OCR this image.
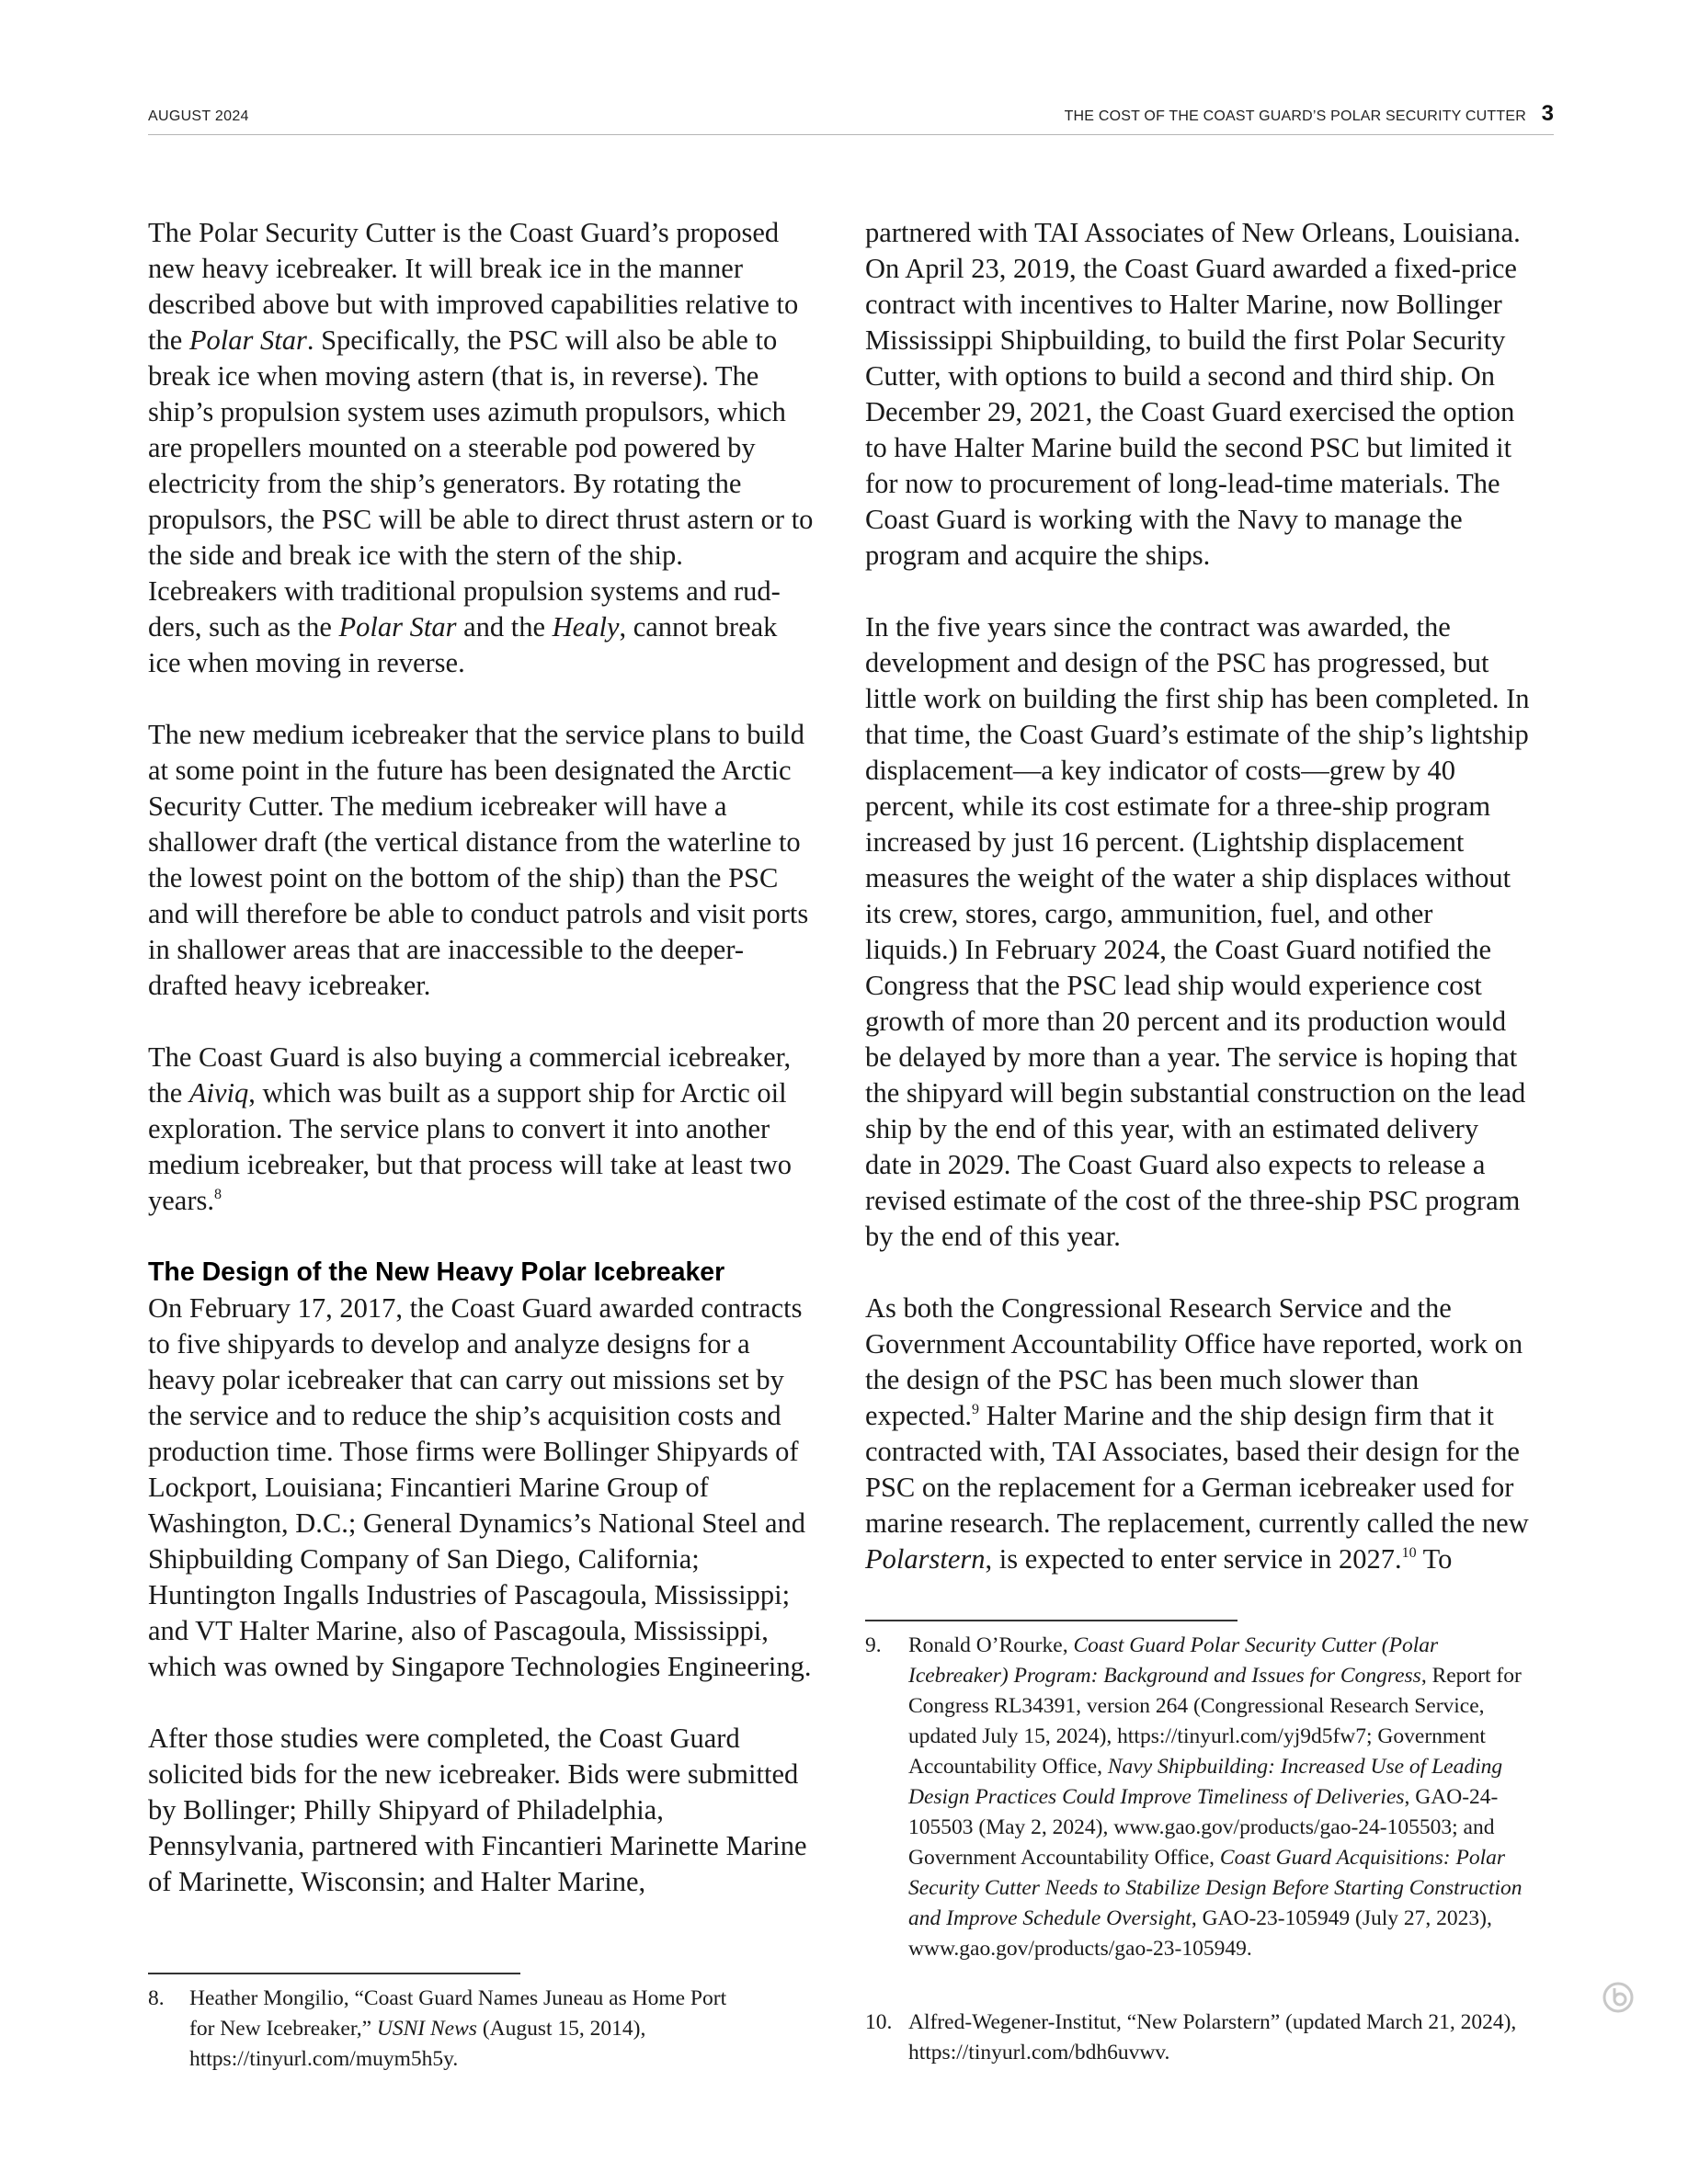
AUGUST 2024	THE COST OF THE COAST GUARD’S POLAR SECURITY CUTTER 3

The Polar Security Cutter is the Coast Guard’s proposed new heavy icebreaker. It will break ice in the manner described above but with improved capabilities relative to the Polar Star. Specifically, the PSC will also be able to break ice when moving astern (that is, in reverse). The ship’s propulsion system uses azimuth propulsors, which are propellers mounted on a steerable pod powered by electricity from the ship’s generators. By rotating the propulsors, the PSC will be able to direct thrust astern or to the side and break ice with the stern of the ship. Icebreakers with traditional propulsion systems and rudders, such as the Polar Star and the Healy, cannot break ice when moving in reverse.

The new medium icebreaker that the service plans to build at some point in the future has been designated the Arctic Security Cutter. The medium icebreaker will have a shallower draft (the vertical distance from the waterline to the lowest point on the bottom of the ship) than the PSC and will therefore be able to conduct patrols and visit ports in shallower areas that are inaccessible to the deeper-drafted heavy icebreaker.

The Coast Guard is also buying a commercial icebreaker, the Aiviq, which was built as a support ship for Arctic oil exploration. The service plans to convert it into another medium icebreaker, but that process will take at least two years.$^8$

The Design of the New Heavy Polar Icebreaker

On February 17, 2017, the Coast Guard awarded contracts to five shipyards to develop and analyze designs for a heavy polar icebreaker that can carry out missions set by the service and to reduce the ship’s acquisition costs and production time. Those firms were Bollinger Shipyards of Lockport, Louisiana; Fincantieri Marine Group of Washington, D.C.; General Dynamics’s National Steel and Shipbuilding Company of San Diego, California; Huntington Ingalls Industries of Pascagoula, Mississippi; and VT Halter Marine, also of Pascagoula, Mississippi, which was owned by Singapore Technologies Engineering.

After those studies were completed, the Coast Guard solicited bids for the new icebreaker. Bids were submitted by Bollinger; Philly Shipyard of Philadelphia, Pennsylvania, partnered with Fincantieri Marinette Marine of Marinette, Wisconsin; and Halter Marine,

partnered with TAI Associates of New Orleans, Louisiana. On April 23, 2019, the Coast Guard awarded a fixed-price contract with incentives to Halter Marine, now Bollinger Mississippi Shipbuilding, to build the first Polar Security Cutter, with options to build a second and third ship. On December 29, 2021, the Coast Guard exercised the option to have Halter Marine build the second PSC but limited it for now to procurement of long-lead-time materials. The Coast Guard is working with the Navy to manage the program and acquire the ships.

In the five years since the contract was awarded, the development and design of the PSC has progressed, but little work on building the first ship has been completed. In that time, the Coast Guard’s estimate of the ship’s lightship displacement—a key indicator of costs—grew by 40 percent, while its cost estimate for a three-ship program increased by just 16 percent. (Lightship displacement measures the weight of the water a ship displaces without its crew, stores, cargo, ammunition, fuel, and other liquids.) In February 2024, the Coast Guard notified the Congress that the PSC lead ship would experience cost growth of more than 20 percent and its production would be delayed by more than a year. The service is hoping that the shipyard will begin substantial construction on the lead ship by the end of this year, with an estimated delivery date in 2029. The Coast Guard also expects to release a revised estimate of the cost of the three-ship PSC program by the end of this year.

As both the Congressional Research Service and the Government Accountability Office have reported, work on the design of the PSC has been much slower than expected.$^9$ Halter Marine and the ship design firm that it contracted with, TAI Associates, based their design for the PSC on the replacement for a German icebreaker used for marine research. The replacement, currently called the new Polarstern, is expected to enter service in 2027.10 To

8. Heather Mongilio, “Coast Guard Names Juneau as Home Port for New Icebreaker,” USNI News (August 15, 2014), https://tinyurl.com/muym5h5y.
9. Ronald O’Rourke, Coast Guard Polar Security Cutter (Polar Icebreaker) Program: Background and Issues for Congress, Report for Congress RL34391, version 264 (Congressional Research Service, updated July 15, 2024), https://tinyurl.com/yj9d5fw7; Government Accountability Office, Navy Shipbuilding: Increased Use of Leading Design Practices Could Improve Timeliness of Deliveries, GAO-24-105503 (May 2, 2024), www.gao.gov/products/gao-24-105503; and Government Accountability Office, Coast Guard Acquisitions: Polar Security Cutter Needs to Stabilize Design Before Starting Construction and Improve Schedule Oversight, GAO-23-105949 (July 27, 2023), www.gao.gov/products/gao-23-105949.
10. Alfred-Wegener-Institut, “New Polarstern” (updated March 21, 2024), https://tinyurl.com/bdh6uvwv.
